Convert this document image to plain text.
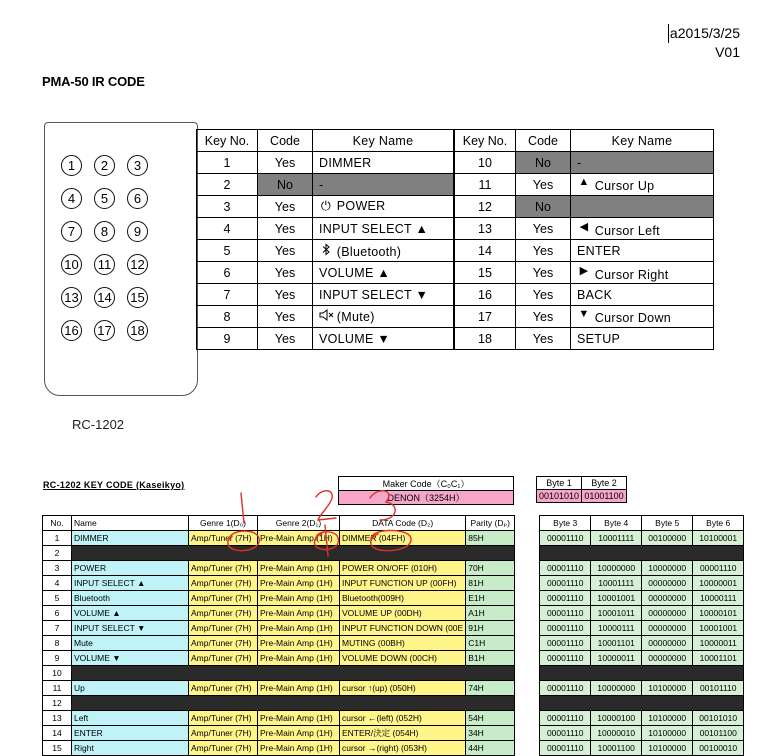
a2015/3/25
V01
PMA-50 IR CODE
1	2	3
4	5	6
7	8	9
10 11 12
13 14 15
16 17 18
RC-1202
Key No.	Code	Key Name	Key No.	Code	Key Name
1	Yes	DIMMER	10	No	-
2	No	-	11	Yes	▲ Cursor Up
3	Yes	⏻ POWER	12	No	
4	Yes	INPUT SELECT ▲	13	Yes	◀ Cursor Left
5	Yes	(Bluetooth)	14	Yes	ENTER
6	Yes	VOLUME ▲	15	Yes	▶ Cursor Right
7	Yes	INPUT SELECT ▼	16	Yes	BACK
8	Yes	(Mute)	17	Yes	▼ Cursor Down
9	Yes	VOLUME ▼	18	Yes	SETUP
RC-1202 KEY CODE (Kaseikyo)	Maker Code（C₀C₁）
DENON（3254H）
Byte 1	Byte 2
00101010	01001100
No.	Name	Genre 1(D₀)	Genre 2(D₁)	DATA Code (D₂)	Parity (Dₚ)		Byte 3	Byte 4	Byte 5	Byte 6
1	DIMMER	Amp/Tuner (7H)	Pre-Main Amp (1H)	DIMMER (04FH)	85H		00001110	10001111	00100000	10100001
2										
3	POWER	Amp/Tuner (7H)	Pre-Main Amp (1H)	POWER ON/OFF (010H)	70H		00001110	10000000	10000000	00001110
4	INPUT SELECT ▲	Amp/Tuner (7H)	Pre-Main Amp (1H)	INPUT FUNCTION UP (00FH)	81H		00001110	10001111	00000000	10000001
5	Bluetooth	Amp/Tuner (7H)	Pre-Main Amp (1H)	Bluetooth(009H)	E1H		00001110	10001001	00000000	10000111
6	VOLUME ▲	Amp/Tuner (7H)	Pre-Main Amp (1H)	VOLUME UP (00DH)	A1H		00001110	10001011	00000000	10000101
7	INPUT SELECT ▼	Amp/Tuner (7H)	Pre-Main Amp (1H)	INPUT FUNCTION DOWN (00E	91H		00001110	10000111	00000000	10001001
8	Mute	Amp/Tuner (7H)	Pre-Main Amp (1H)	MUTING (00BH)	C1H		00001110	10001101	00000000	10000011
9	VOLUME ▼	Amp/Tuner (7H)	Pre-Main Amp (1H)	VOLUME DOWN (00CH)	B1H		00001110	10000011	00000000	10001101
10										
11	Up	Amp/Tuner (7H)	Pre-Main Amp (1H)	cursor ↑(up) (050H)	74H		00001110	10000000	10100000	00101110
12										
13	Left	Amp/Tuner (7H)	Pre-Main Amp (1H)	cursor ←(left) (052H)	54H		00001110	10000100	10100000	00101010
14	ENTER	Amp/Tuner (7H)	Pre-Main Amp (1H)	ENTER/決定 (054H)	34H		00001110	10000010	10100000	00101100
15	Right	Amp/Tuner (7H)	Pre-Main Amp (1H)	cursor →(right) (053H)	44H		00001110	10001100	10100000	00100010
1	2	3
